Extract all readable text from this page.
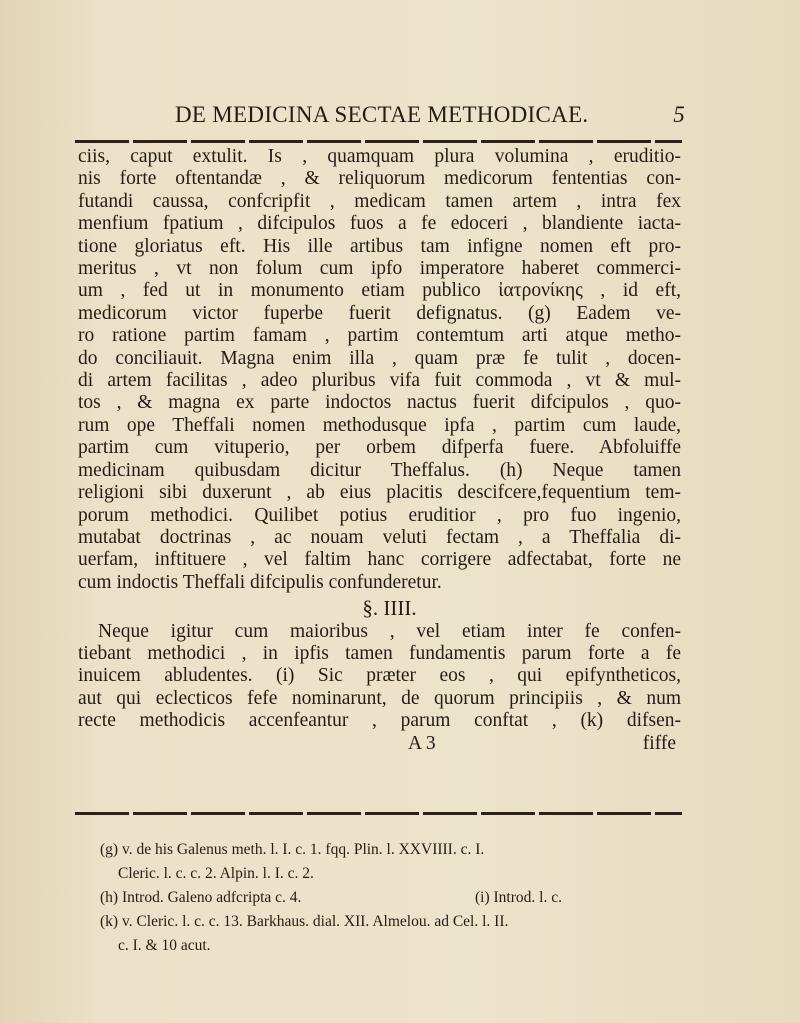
DE MEDICINA SECTAE METHODICAE.	5
ciis, caput extulit. Is , quamquam plura volumina , eruditio-
nis forte oftentandæ , & reliquorum medicorum fententias con-
futandi caussa, confcripfit , medicam tamen artem , intra fex
menfium fpatium , difcipulos fuos a fe edoceri , blandiente iacta-
tione gloriatus eft. His ille artibus tam infigne nomen eft pro-
meritus , vt non folum cum ipfo imperatore haberet commerci-
um , fed ut in monumento etiam publico ἰατρονίκης , id eft,
medicorum victor fuperbe fuerit defignatus. (g) Eadem ve-
ro ratione partim famam , partim contemtum arti atque metho-
do conciliauit. Magna enim illa , quam præ fe tulit , docen-
di artem facilitas , adeo pluribus vifa fuit commoda , vt & mul-
tos , & magna ex parte indoctos nactus fuerit difcipulos , quo-
rum ope Theffali nomen methodusque ipfa , partim cum laude,
partim cum vituperio, per orbem difperfa fuere. Abfoluiffe
medicinam quibusdam dicitur Theffalus. (h) Neque tamen
religioni sibi duxerunt , ab eius placitis descifcere,fequentium tem-
porum methodici. Quilibet potius eruditior , pro fuo ingenio,
mutabat doctrinas , ac nouam veluti fectam , a Theffalia di-
uerfam, inftituere , vel faltim hanc corrigere adfectabat, forte ne
cum indoctis Theffali difcipulis confunderetur.
§. IIII.
Neque igitur cum maioribus , vel etiam inter fe confen-
tiebant methodici , in ipfis tamen fundamentis parum forte a fe
inuicem abludentes. (i) Sic præter eos , qui epifyntheticos,
aut qui eclecticos fefe nominarunt, de quorum principiis , & num
recte methodicis accenfeantur , parum conftat , (k) difsen-
A 3	fiffe
(g) v. de his Galenus meth. l. I. c. 1. fqq. Plin. l. XXVIIII. c. I.
Cleric. l. c. c. 2. Alpin. l. I. c. 2.
(h) Introd. Galeno adfcripta c. 4.	(i) Introd. l. c.
(k) v. Cleric. l. c. c. 13. Barkhaus. dial. XII. Almelou. ad Cel. l. II.
c. I. & 10 acut.
